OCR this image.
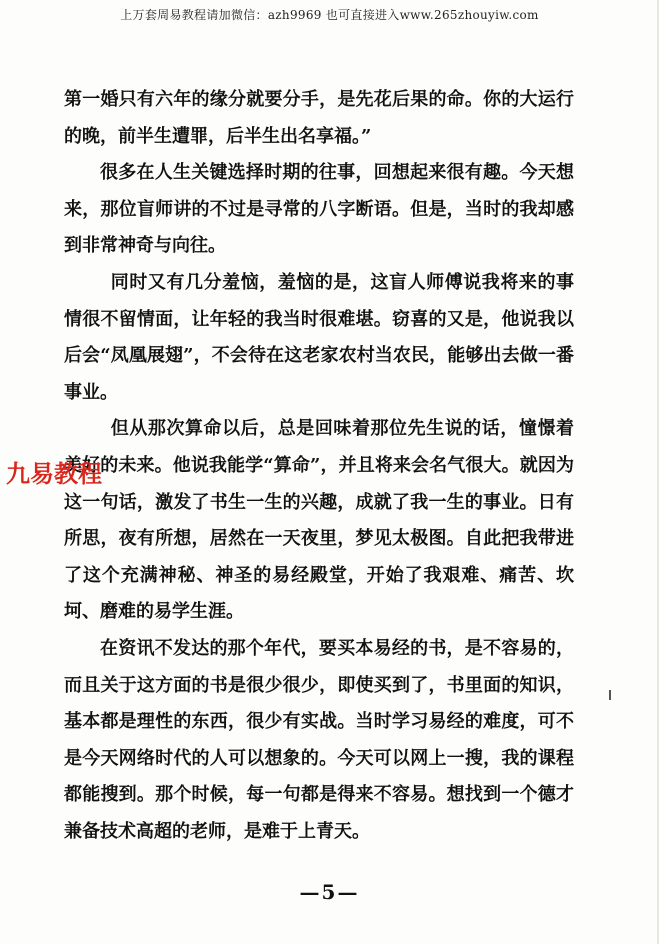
上万套周易教程请加微信：azh9969 也可直接进入www.265zhouyiw.com

第一婚只有六年的缘分就要分手，是先花后果的命。你的大运行的晚，前半生遭罪，后半生出名享福。”

很多在人生关键选择时期的往事，回想起来很有趣。今天想来，那位盲师讲的不过是寻常的八字断语。但是，当时的我却感到非常神奇与向往。

同时又有几分羞恼，羞恼的是，这盲人师傅说我将来的事情很不留情面，让年轻的我当时很难堪。窃喜的又是，他说我以后会“凤凰展翅”，不会待在这老家农村当农民，能够出去做一番事业。

但从那次算命以后，总是回味着那位先生说的话，憧憬着美好的未来。他说我能学“算命”，并且将来会名气很大。就因为这一句话，激发了书生一生的兴趣，成就了我一生的事业。日有所思，夜有所想，居然在一天夜里，梦见太极图。自此把我带进了这个充满神秘、神圣的易经殿堂，开始了我艰难、痛苦、坎坷、磨难的易学生涯。

在资讯不发达的那个年代，要买本易经的书，是不容易的，而且关于这方面的书是很少很少，即使买到了，书里面的知识，基本都是理性的东西，很少有实战。当时学习易经的难度，可不是今天网络时代的人可以想象的。今天可以网上一搜，我的课程都能搜到。那个时候，每一句都是得来不容易。想找到一个德才兼备技术高超的老师，是难于上青天。

九易教程
—5—
